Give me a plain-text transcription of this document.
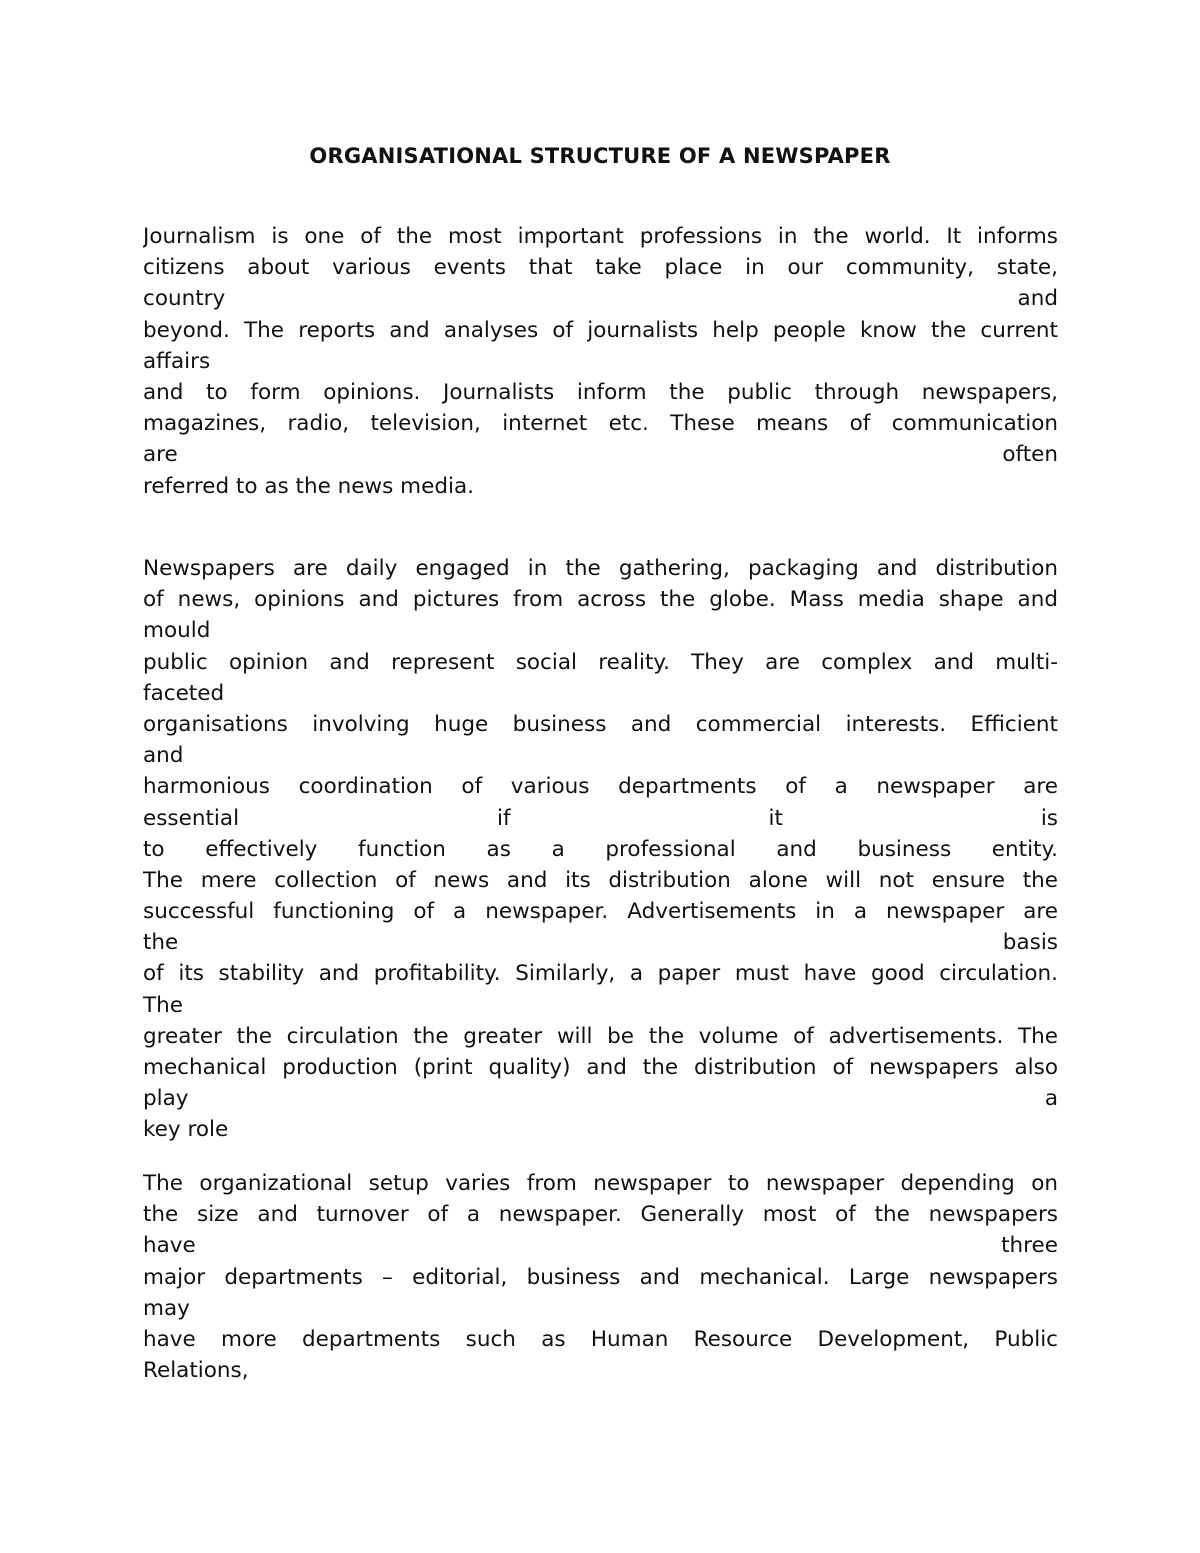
ORGANISATIONAL STRUCTURE OF A NEWSPAPER
Journalism is one of the most important professions in the world. It informs
citizens about various events that take place in our community, state,
country and
beyond. The reports and analyses of journalists help people know the current
affairs
and to form opinions. Journalists inform the public through newspapers,
magazines, radio, television, internet etc. These means of communication
are often
referred to as the news media.
Newspapers are daily engaged in the gathering, packaging and distribution
of news, opinions and pictures from across the globe. Mass media shape and
mould
public opinion and represent social reality. They are complex and multi-
faceted
organisations involving huge business and commercial interests. Efficient
and
harmonious coordination of various departments of a newspaper are
essential if it is
to effectively function as a professional and business entity.
The mere collection of news and its distribution alone will not ensure the
successful functioning of a newspaper. Advertisements in a newspaper are
the basis
of its stability and profitability. Similarly, a paper must have good circulation.
The
greater the circulation the greater will be the volume of advertisements. The
mechanical production (print quality) and the distribution of newspapers also
play a
key role
The organizational setup varies from newspaper to newspaper depending on
the size and turnover of a newspaper. Generally most of the newspapers
have three
major departments – editorial, business and mechanical. Large newspapers
may
have more departments such as Human Resource Development, Public
Relations,
